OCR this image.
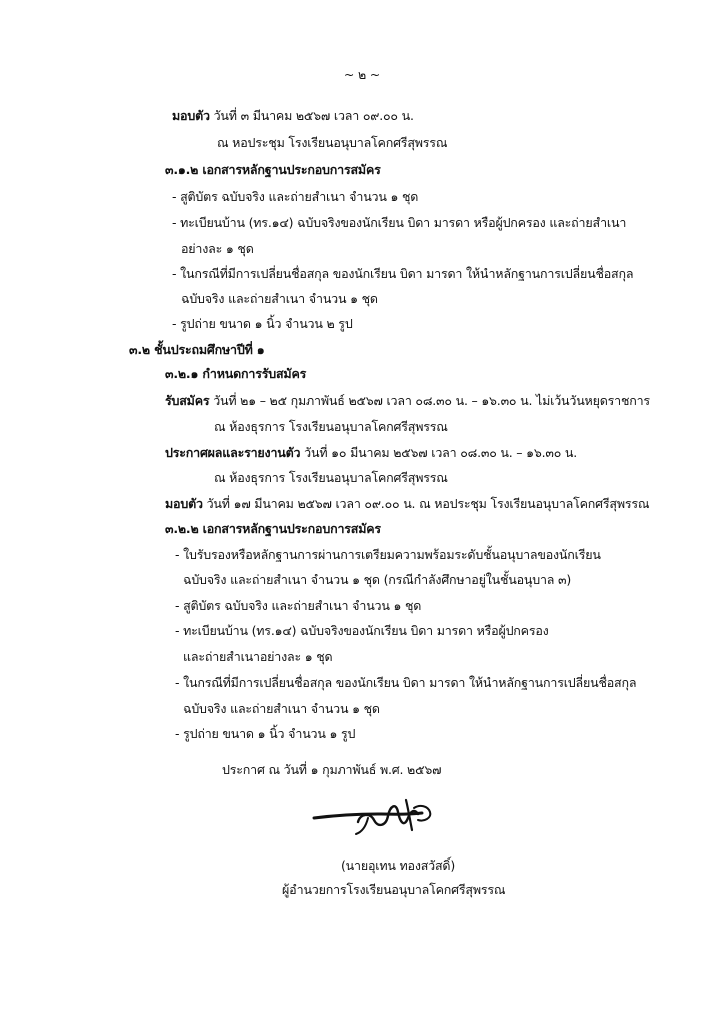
~ ๒ ~
มอบตัว วันที่ ๓ มีนาคม ๒๕๖๗ เวลา ๐๙.๐๐ น.
ณ หอประชุม โรงเรียนอนุบาลโคกศรีสุพรรณ
๓.๑.๒ เอกสารหลักฐานประกอบการสมัคร
- สูติบัตร ฉบับจริง และถ่ายสำเนา จำนวน ๑ ชุด
- ทะเบียนบ้าน (ทร.๑๔) ฉบับจริงของนักเรียน บิดา มารดา หรือผู้ปกครอง และถ่ายสำเนา
อย่างละ ๑ ชุด
- ในกรณีที่มีการเปลี่ยนชื่อสกุล ของนักเรียน บิดา มารดา ให้นำหลักฐานการเปลี่ยนชื่อสกุล
ฉบับจริง และถ่ายสำเนา จำนวน ๑ ชุด
- รูปถ่าย ขนาด ๑ นิ้ว จำนวน ๒ รูป
๓.๒ ชั้นประถมศึกษาปีที่ ๑
๓.๒.๑ กำหนดการรับสมัคร
รับสมัคร วันที่ ๒๑ – ๒๕ กุมภาพันธ์ ๒๕๖๗ เวลา ๐๘.๓๐ น. – ๑๖.๓๐ น. ไม่เว้นวันหยุดราชการ
ณ ห้องธุรการ โรงเรียนอนุบาลโคกศรีสุพรรณ
ประกาศผลและรายงานตัว วันที่ ๑๐ มีนาคม ๒๕๖๗ เวลา ๐๘.๓๐ น. – ๑๖.๓๐ น.
ณ ห้องธุรการ โรงเรียนอนุบาลโคกศรีสุพรรณ
มอบตัว วันที่ ๑๗ มีนาคม ๒๕๖๗ เวลา ๐๙.๐๐ น. ณ หอประชุม โรงเรียนอนุบาลโคกศรีสุพรรณ
๓.๒.๒ เอกสารหลักฐานประกอบการสมัคร
- ใบรับรองหรือหลักฐานการผ่านการเตรียมความพร้อมระดับชั้นอนุบาลของนักเรียน
ฉบับจริง และถ่ายสำเนา จำนวน ๑ ชุด (กรณีกำลังศึกษาอยู่ในชั้นอนุบาล ๓)
- สูติบัตร ฉบับจริง และถ่ายสำเนา จำนวน ๑ ชุด
- ทะเบียนบ้าน (ทร.๑๔) ฉบับจริงของนักเรียน บิดา มารดา หรือผู้ปกครอง
และถ่ายสำเนาอย่างละ ๑ ชุด
- ในกรณีที่มีการเปลี่ยนชื่อสกุล ของนักเรียน บิดา มารดา ให้นำหลักฐานการเปลี่ยนชื่อสกุล
ฉบับจริง และถ่ายสำเนา จำนวน ๑ ชุด
- รูปถ่าย ขนาด ๑ นิ้ว จำนวน ๑ รูป
ประกาศ ณ วันที่ ๑ กุมภาพันธ์ พ.ศ. ๒๕๖๗
(นายอุเทน ทองสวัสดิ์)
ผู้อำนวยการโรงเรียนอนุบาลโคกศรีสุพรรณ
